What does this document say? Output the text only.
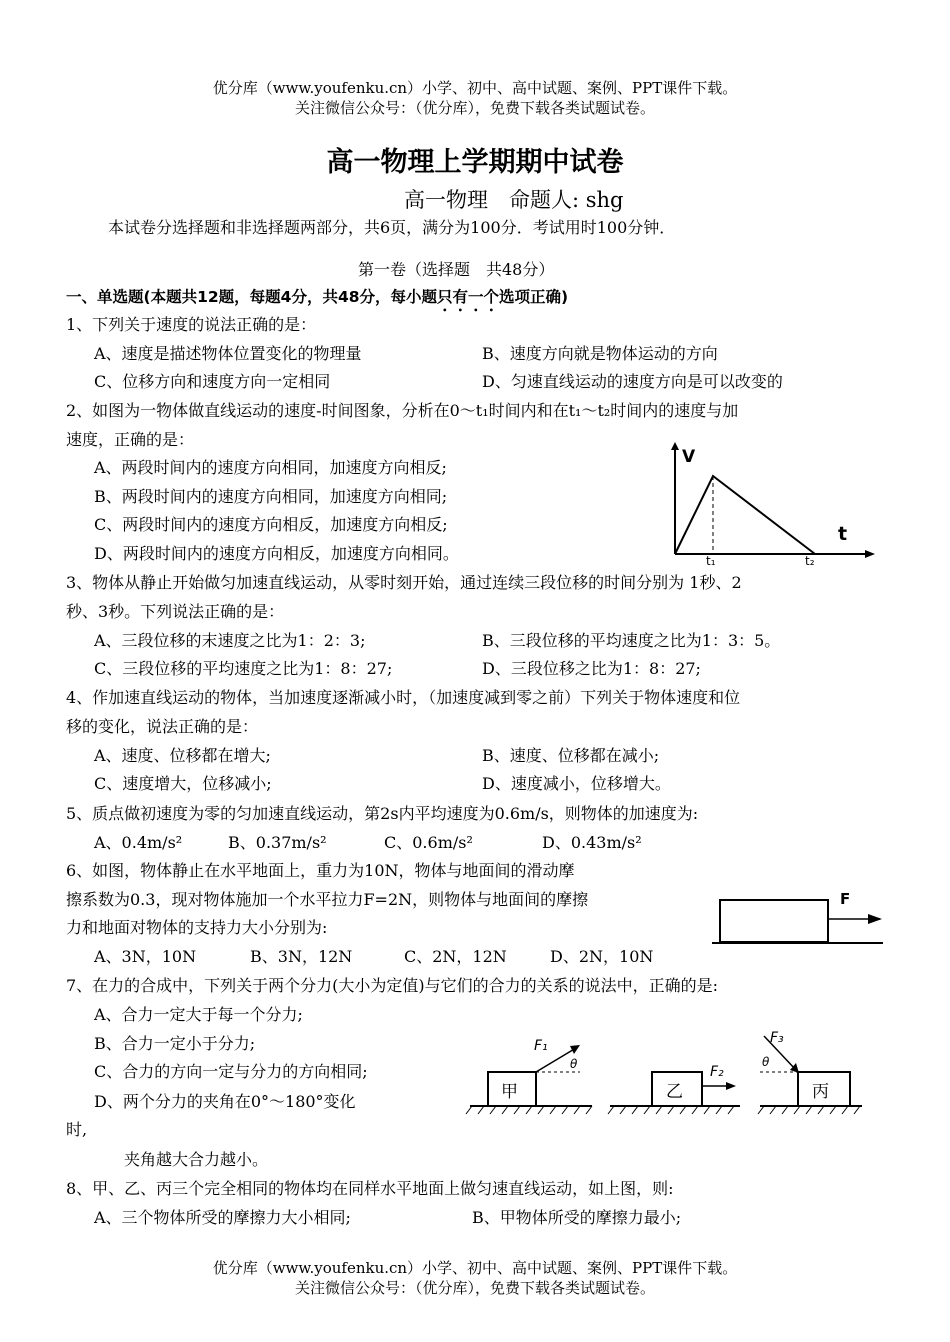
优分库（www.youfenku.cn）小学、初中、高中试题、案例、PPT课件下载。
关注微信公众号：（优分库），免费下载各类试题试卷。
高一物理上学期期中试卷
高一物理　命题人: shg
本试卷分选择题和非选择题两部分，共6页，满分为100分．考试用时100分钟．
第一卷（选择题　共48分）
一、单选题(本题共12题，每题4分，共48分，每小题只有一个选项正确)
1、下列关于速度的说法正确的是：
A、速度是描述物体位置变化的物理量	B、速度方向就是物体运动的方向
C、位移方向和速度方向一定相同	D、匀速直线运动的速度方向是可以改变的
2、如图为一物体做直线运动的速度-时间图象，分析在0～t₁时间内和在t₁～t₂时间内的速度与加
速度，正确的是：
A、两段时间内的速度方向相同，加速度方向相反;
B、两段时间内的速度方向相同，加速度方向相同;
C、两段时间内的速度方向相反，加速度方向相反;
D、两段时间内的速度方向相反，加速度方向相同。
V
t
t₁	t₂
3、物体从静止开始做匀加速直线运动，从零时刻开始，通过连续三段位移的时间分别为 1秒、2
秒、3秒。下列说法正确的是：
A、三段位移的末速度之比为1：2：3;	B、三段位移的平均速度之比为1：3：5。
C、三段位移的平均速度之比为1：8：27;	D、三段位移之比为1：8：27;
4、作加速直线运动的物体，当加速度逐渐减小时，（加速度减到零之前）下列关于物体速度和位
移的变化，说法正确的是：
A、速度、位移都在增大;	B、速度、位移都在减小;
C、速度增大，位移减小;	D、速度减小，位移增大。
5、质点做初速度为零的匀加速直线运动，第2s内平均速度为0.6m/s，则物体的加速度为:
A、0.4m/s²	B、0.37m/s²	C、0.6m/s²	D、0.43m/s²
6、如图，物体静止在水平地面上，重力为10N，物体与地面间的滑动摩
擦系数为0.3，现对物体施加一个水平拉力F=2N，则物体与地面间的摩擦
力和地面对物体的支持力大小分别为:
A、3N，10N	B、3N，12N	C、2N，12N	D、2N，10N
F
7、在力的合成中，下列关于两个分力(大小为定值)与它们的合力的关系的说法中，正确的是:
A、合力一定大于每一个分力;
B、合力一定小于分力;
C、合力的方向一定与分力的方向相同;
D、两个分力的夹角在0°～180°变化
时,
夹角越大合力越小。
甲
F₁
θ
乙
F₂
丙
F₃
θ
8、甲、乙、丙三个完全相同的物体均在同样水平地面上做匀速直线运动，如上图，则:
A、三个物体所受的摩擦力大小相同;	B、甲物体所受的摩擦力最小;
优分库（www.youfenku.cn）小学、初中、高中试题、案例、PPT课件下载。
关注微信公众号：（优分库），免费下载各类试题试卷。
